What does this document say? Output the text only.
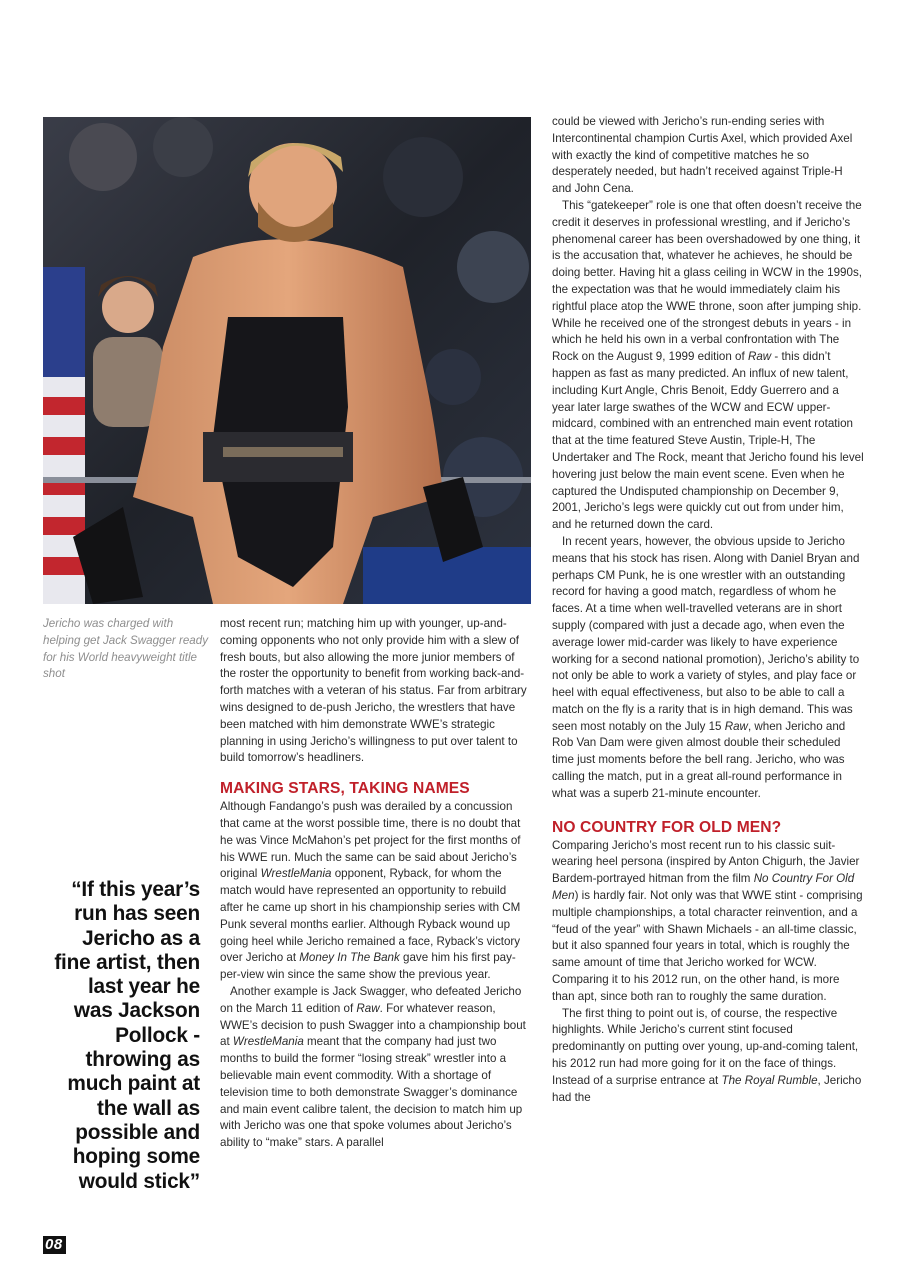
Jericho was charged with helping get Jack Swagger ready for his World heavyweight title shot
“If this year’s run has seen Jericho as a fine artist, then last year he was Jackson Pollock - throwing as much paint at the wall as possible and hoping some would stick”
08

most recent run; matching him up with younger, up-and-coming opponents who not only provide him with a slew of fresh bouts, but also allowing the more junior members of the roster the opportunity to benefit from working back-and-forth matches with a veteran of his status. Far from arbitrary wins designed to de-push Jericho, the wrestlers that have been matched with him demonstrate WWE’s strategic planning in using Jericho’s willingness to put over talent to build tomorrow’s headliners.

MAKING STARS, TAKING NAMES

Although Fandango’s push was derailed by a concussion that came at the worst possible time, there is no doubt that he was Vince McMahon’s pet project for the first months of his WWE run. Much the same can be said about Jericho’s original WrestleMania opponent, Ryback, for whom the match would have represented an opportunity to rebuild after he came up short in his championship series with CM Punk several months earlier. Although Ryback wound up going heel while Jericho remained a face, Ryback’s victory over Jericho at Money In The Bank gave him his first pay-per-view win since the same show the previous year.

Another example is Jack Swagger, who defeated Jericho on the March 11 edition of Raw. For whatever reason, WWE’s decision to push Swagger into a championship bout at WrestleMania meant that the company had just two months to build the former “losing streak” wrestler into a believable main event commodity. With a shortage of television time to both demonstrate Swagger’s dominance and main event calibre talent, the decision to match him up with Jericho was one that spoke volumes about Jericho’s ability to “make” stars. A parallel

could be viewed with Jericho’s run-ending series with Intercontinental champion Curtis Axel, which provided Axel with exactly the kind of competitive matches he so desperately needed, but hadn’t received against Triple-H and John Cena.

This “gatekeeper” role is one that often doesn’t receive the credit it deserves in professional wrestling, and if Jericho’s phenomenal career has been overshadowed by one thing, it is the accusation that, whatever he achieves, he should be doing better. Having hit a glass ceiling in WCW in the 1990s, the expectation was that he would immediately claim his rightful place atop the WWE throne, soon after jumping ship. While he received one of the strongest debuts in years - in which he held his own in a verbal confrontation with The Rock on the August 9, 1999 edition of Raw - this didn’t happen as fast as many predicted. An influx of new talent, including Kurt Angle, Chris Benoit, Eddy Guerrero and a year later large swathes of the WCW and ECW upper-midcard, combined with an entrenched main event rotation that at the time featured Steve Austin, Triple-H, The Undertaker and The Rock, meant that Jericho found his level hovering just below the main event scene. Even when he captured the Undisputed championship on December 9, 2001, Jericho’s legs were quickly cut out from under him, and he returned down the card.

In recent years, however, the obvious upside to Jericho means that his stock has risen. Along with Daniel Bryan and perhaps CM Punk, he is one wrestler with an outstanding record for having a good match, regardless of whom he faces. At a time when well-travelled veterans are in short supply (compared with just a decade ago, when even the average lower mid-carder was likely to have experience working for a second national promotion), Jericho’s ability to not only be able to work a variety of styles, and play face or heel with equal effectiveness, but also to be able to call a match on the fly is a rarity that is in high demand. This was seen most notably on the July 15 Raw, when Jericho and Rob Van Dam were given almost double their scheduled time just moments before the bell rang. Jericho, who was calling the match, put in a great all-round performance in what was a superb 21-minute encounter.

NO COUNTRY FOR OLD MEN?

Comparing Jericho’s most recent run to his classic suit-wearing heel persona (inspired by Anton Chigurh, the Javier Bardem-portrayed hitman from the film No Country For Old Men) is hardly fair. Not only was that WWE stint - comprising multiple championships, a total character reinvention, and a “feud of the year” with Shawn Michaels - an all-time classic, but it also spanned four years in total, which is roughly the same amount of time that Jericho worked for WCW. Comparing it to his 2012 run, on the other hand, is more than apt, since both ran to roughly the same duration.

The first thing to point out is, of course, the respective highlights. While Jericho’s current stint focused predominantly on putting over young, up-and-coming talent, his 2012 run had more going for it on the face of things. Instead of a surprise entrance at The Royal Rumble, Jericho had the
